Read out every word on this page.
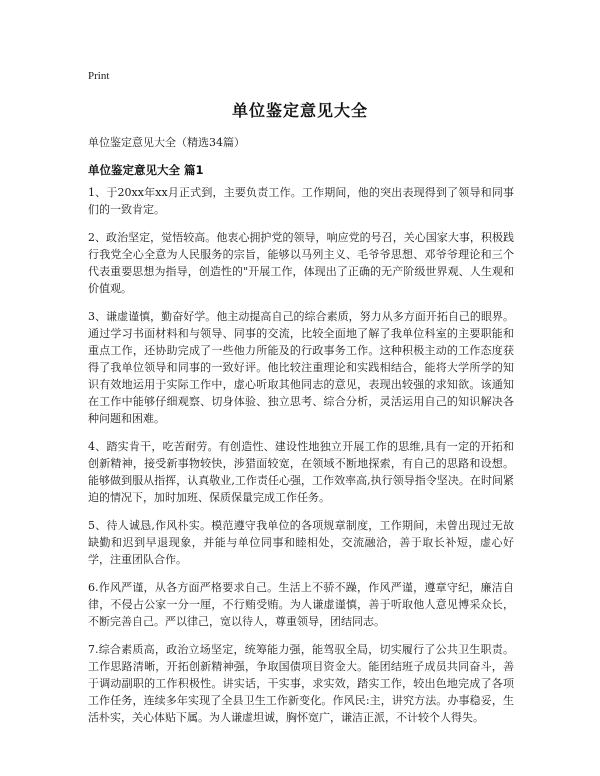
Print
单位鉴定意见大全
单位鉴定意见大全（精选34篇）
单位鉴定意见大全 篇1

1、于20xx年xx月正式到，主要负责工作。工作期间，他的突出表现得到了领导和同事们的一致肯定。

2、政治坚定，觉悟较高。他衷心拥护党的领导，响应党的号召，关心国家大事，积极践行我党全心全意为人民服务的宗旨，能够以马列主义、毛爷爷思想、邓爷爷理论和三个代表重要思想为指导，创造性的"开展工作，体现出了正确的无产阶级世界观、人生观和价值观。

3、谦虚谨慎，勤奋好学。他主动提高自己的综合素质，努力从多方面开拓自己的眼界。通过学习书面材料和与领导、同事的交流，比较全面地了解了我单位科室的主要职能和重点工作，还协助完成了一些他力所能及的行政事务工作。这种积极主动的工作态度获得了我单位领导和同事的一致好评。他比较注重理论和实践相结合，能将大学所学的知识有效地运用于实际工作中，虚心听取其他同志的意见，表现出较强的求知欲。该通知在工作中能够仔细观察、切身体验、独立思考、综合分析，灵活运用自己的知识解决各种问题和困难。

4、踏实肯干，吃苦耐劳。有创造性、建设性地独立开展工作的思维,具有一定的开拓和创新精神，接受新事物较快，涉猎面较宽，在领域不断地探索，有自己的思路和设想。能够做到服从指挥，认真敬业,工作责任心强，工作效率高,执行领导指令坚决。在时间紧迫的情况下，加时加班、保质保量完成工作任务。

5、待人诚恳,作风朴实。模范遵守我单位的各项规章制度，工作期间，未曾出现过无故缺勤和迟到早退现象，并能与单位同事和睦相处，交流融洽，善于取长补短，虚心好学，注重团队合作。

6.作风严谨，从各方面严格要求自己。生活上不骄不躁，作风严谨，遵章守纪，廉洁自律，不侵占公家一分一厘，不行贿受贿。为人谦虚谨慎，善于听取他人意见博采众长，不断完善自己。严以律己，宽以待人，尊重领导，团结同志。

7.综合素质高，政治立场坚定，统筹能力强，能驾驭全局，切实履行了公共卫生职责。工作思路清晰，开拓创新精神强，争取国债项目资金大。能团结班子成员共同奋斗，善于调动副职的工作积极性。讲实话，干实事，求实效，踏实工作，较出色地完成了各项工作任务，连续多年实现了全县卫生工作新变化。作风民:主，讲究方法。办事稳妥，生活朴实，关心体贴下属。为人谦虚坦诚，胸怀宽广，谦洁正派，不计较个人得失。
